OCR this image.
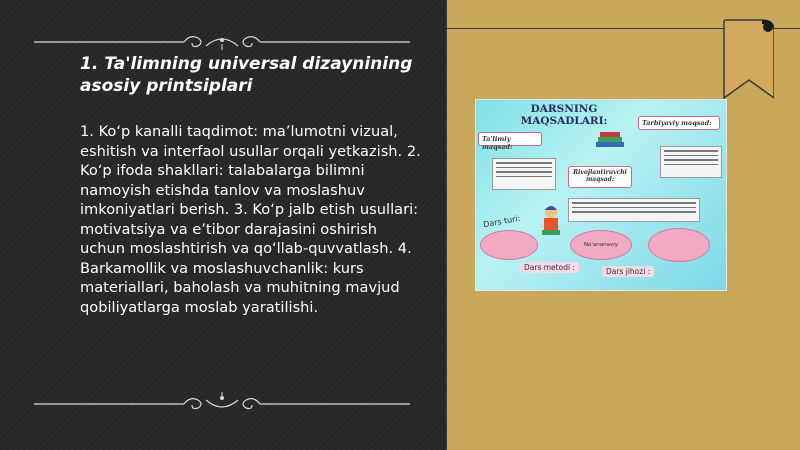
1. Ta'limning universal dizaynining asosiy printsiplari

1. Ko‘p kanalli taqdimot: ma’lumotni vizual, eshitish va interfaol usullar orqali yetkazish. 2. Ko‘p ifoda shakllari: talabalarga bilimni namoyish etishda tanlov va moslashuv imkoniyatlari berish. 3. Ko‘p jalb etish usullari: motivatsiya va e’tibor darajasini oshirish uchun moslashtirish va qo‘llab-quvvatlash. 4. Barkamollik va moslashuvchanlik: kurs materiallari, baholash va muhitning mavjud qobiliyatlarga moslab yaratilishi.

DARSNING MAQSADLARI:
Ta'limiy maqsad:
Tarbiyaviy maqsad:
Rivojlantiruvchi maqsad:
Dars turi:
No'ananaviy
Dars metodi :	Dars jihozi :
